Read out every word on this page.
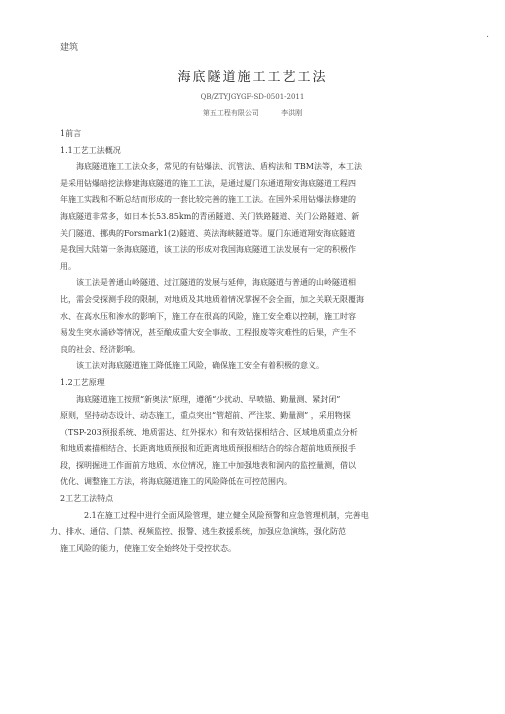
建筑
.
海底隧道施工工艺工法
QB/ZTYJGYGF-SD-0501-2011
第五工程有限公司	李洪刚
1前言
1.1工艺工法概况
海底隧道施工工法众多，常见的有钻爆法、沉管法、盾构法和 TBM法等，本工法
是采用钻爆暗挖法修建海底隧道的施工工法，是通过厦门东通道翔安海底隧道工程四
年施工实践和不断总结而形成的一套比较完善的施工工法。在国外采用钻爆法修建的
海底隧道非常多，如日本长53.85km的青函隧道、关门铁路隧道、关门公路隧道、新
关门隧道、挪典的Forsmark1(2)隧道、英法海峡隧道等。厦门东通道翔安海底隧道
是我国大陆第一条海底隧道，该工法的形成对我国海底隧道工法发展有一定的积极作
用。
该工法是普通山岭隧道、过江隧道的发展与延伸，海底隧道与普通的山岭隧道相
比，需会受探测手段的限制，对地质及其地质着情况掌握不会全面，加之关联无限覆海
水、在高水压和渗水的影响下，施工存在很高的风险，施工安全难以控制，施工时容
易发生突水涌砂等情况，甚至酿成重大安全事故、工程报废等灾难性的后果，产生不
良的社会、经济影响。
该工法对海底隧道施工降低施工风险，确保施工安全有着积极的意义。
1.2工艺原理
海底隧道施工按照“新奥法”原理，遵循“少扰动、早喷锚、勤量测、紧封闭”
原则，坚持动态设计、动态施工，重点突出“管超前、严注浆、勤量测” ，采用物探
（TSP-203预报系统、地质雷达、红外探水）和有效钻探相结合、区域地质重点分析
和地质素描相结合、长距离地质预报和近距离地质预报相结合的综合超前地质预报手
段，探明掘进工作面前方地质、水位情况，施工中加强地表和洞内的监控量测，借以
优化、调整施工方法，将海底隧道施工的风险降低在可控范围内。
2工艺工法特点
2.1在施工过程中进行全面风险管理，建立健全风险预警和应急管理机制，完善电
力、排水、通信、门禁、视频监控、报警、逃生救援系统，加强应急演练，强化防范
施工风险的能力，使施工安全始终处于受控状态。
